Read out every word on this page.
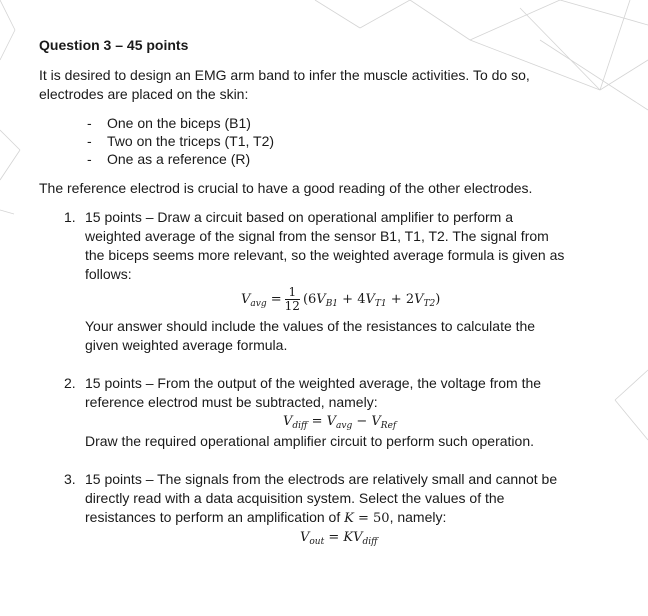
Question 3 – 45 points
It is desired to design an EMG arm band to infer the muscle activities. To do so,
electrodes are placed on the skin:
- One on the biceps (B1)
- Two on the triceps (T1, T2)
- One as a reference (R)
The reference electrod is crucial to have a good reading of the other electrodes.
1. 15 points – Draw a circuit based on operational amplifier to perform a
weighted average of the signal from the sensor B1, T1, T2. The signal from
the biceps seems more relevant, so the weighted average formula is given as
follows:
$V_{avg} = \frac{1}{12} (6V_{B1} + 4V_{T1} + 2V_{T2})$
Your answer should include the values of the resistances to calculate the
given weighted average formula.
2. 15 points – From the output of the weighted average, the voltage from the
reference electrod must be subtracted, namely:
$V_{diff} = V_{avg} - V_{Ref}$
Draw the required operational amplifier circuit to perform such operation.
3. 15 points – The signals from the electrods are relatively small and cannot be
directly read with a data acquisition system. Select the values of the
resistances to perform an amplification of K = 50, namely:
$V_{out} = KV_{diff}$
